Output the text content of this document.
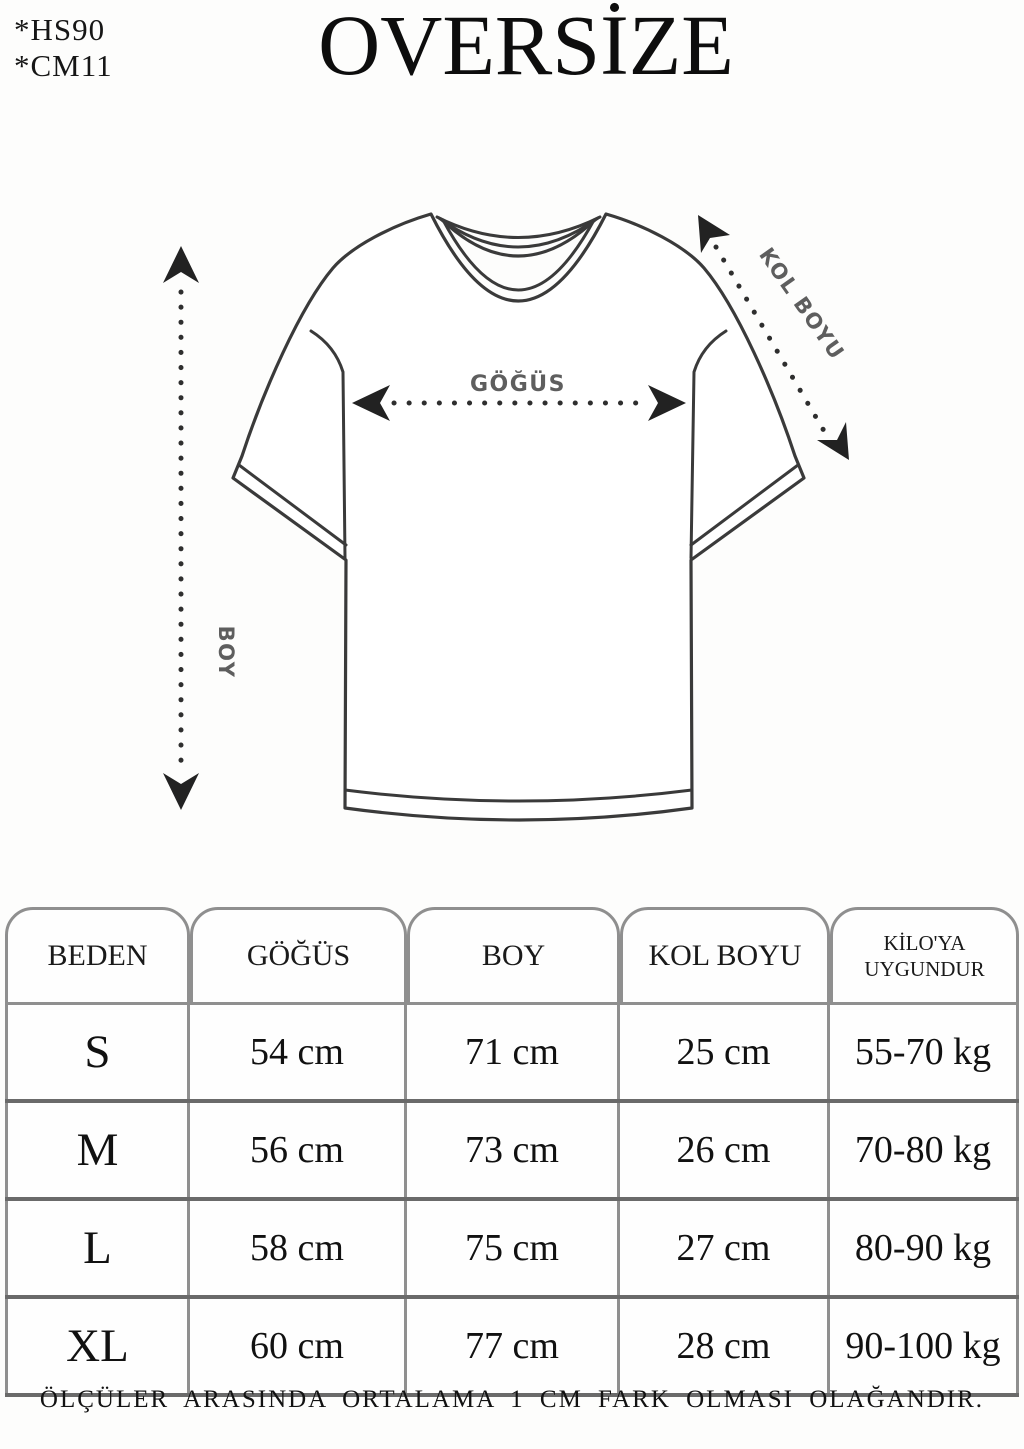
*HS90
*CM11	OVERSİZE
BOY
GÖĞÜS
KOL BOYU
BEDEN	GÖĞÜS	BOY	KOL BOYU	KİLO'YA UYGUNDUR
S	54 cm	71 cm	25 cm	55-70 kg
M	56 cm	73 cm	26 cm	70-80 kg
L	58 cm	75 cm	27 cm	80-90 kg
XL	60 cm	77 cm	28 cm	90-100 kg
ÖLÇÜLER ARASINDA ORTALAMA 1 CM FARK OLMASI OLAĞANDIR.
